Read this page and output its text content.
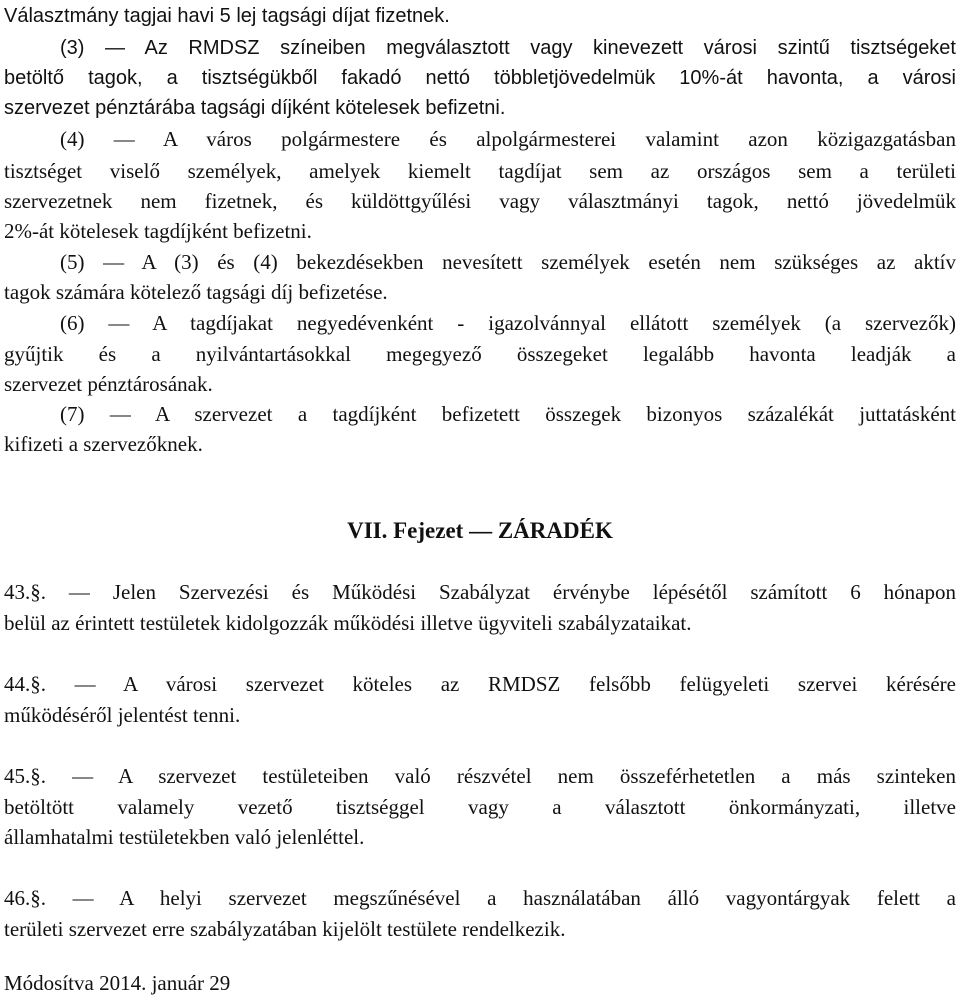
Választmány tagjai havi 5 lej tagsági díjat fizetnek.
(3) ― Az RMDSZ színeiben megválasztott vagy kinevezett városi szintű tisztségeket
betöltő tagok, a tisztségükből fakadó nettó többletjövedelmük 10%-át havonta, a városi
szervezet pénztárába tagsági díjként kötelesek befizetni.
(4) ― A város polgármestere és alpolgármesterei valamint azon közigazgatásban
tisztséget viselő személyek, amelyek kiemelt tagdíjat sem az országos sem a területi
szervezetnek nem fizetnek, és küldöttgyűlési vagy választmányi tagok, nettó jövedelmük
2%-át kötelesek tagdíjként befizetni.
(5) ― A (3) és (4) bekezdésekben nevesített személyek esetén nem szükséges az aktív
tagok számára kötelező tagsági díj befizetése.
(6) ― A tagdíjakat negyedévenként - igazolvánnyal ellátott személyek (a szervezők)
gyűjtik és a nyilvántartásokkal megegyező összegeket legalább havonta leadják a
szervezet pénztárosának.
(7) ― A szervezet a tagdíjként befizetett összegek bizonyos százalékát juttatásként
kifizeti a szervezőknek.
VII. Fejezet ― ZÁRADÉK
43.§. ― Jelen Szervezési és Működési Szabályzat érvénybe lépésétől számított 6 hónapon
belül az érintett testületek kidolgozzák működési illetve ügyviteli szabályzataikat.
44.§. ― A városi szervezet köteles az RMDSZ felsőbb felügyeleti szervei kérésére
működéséről jelentést tenni.
45.§. ― A szervezet testületeiben való részvétel nem összeférhetetlen a más szinteken
betöltött valamely vezető tisztséggel vagy a választott önkormányzati, illetve
államhatalmi testületekben való jelenléttel.
46.§. ― A helyi szervezet megszűnésével a használatában álló vagyontárgyak felett a
területi szervezet erre szabályzatában kijelölt testülete rendelkezik.
Módosítva 2014. január 29
